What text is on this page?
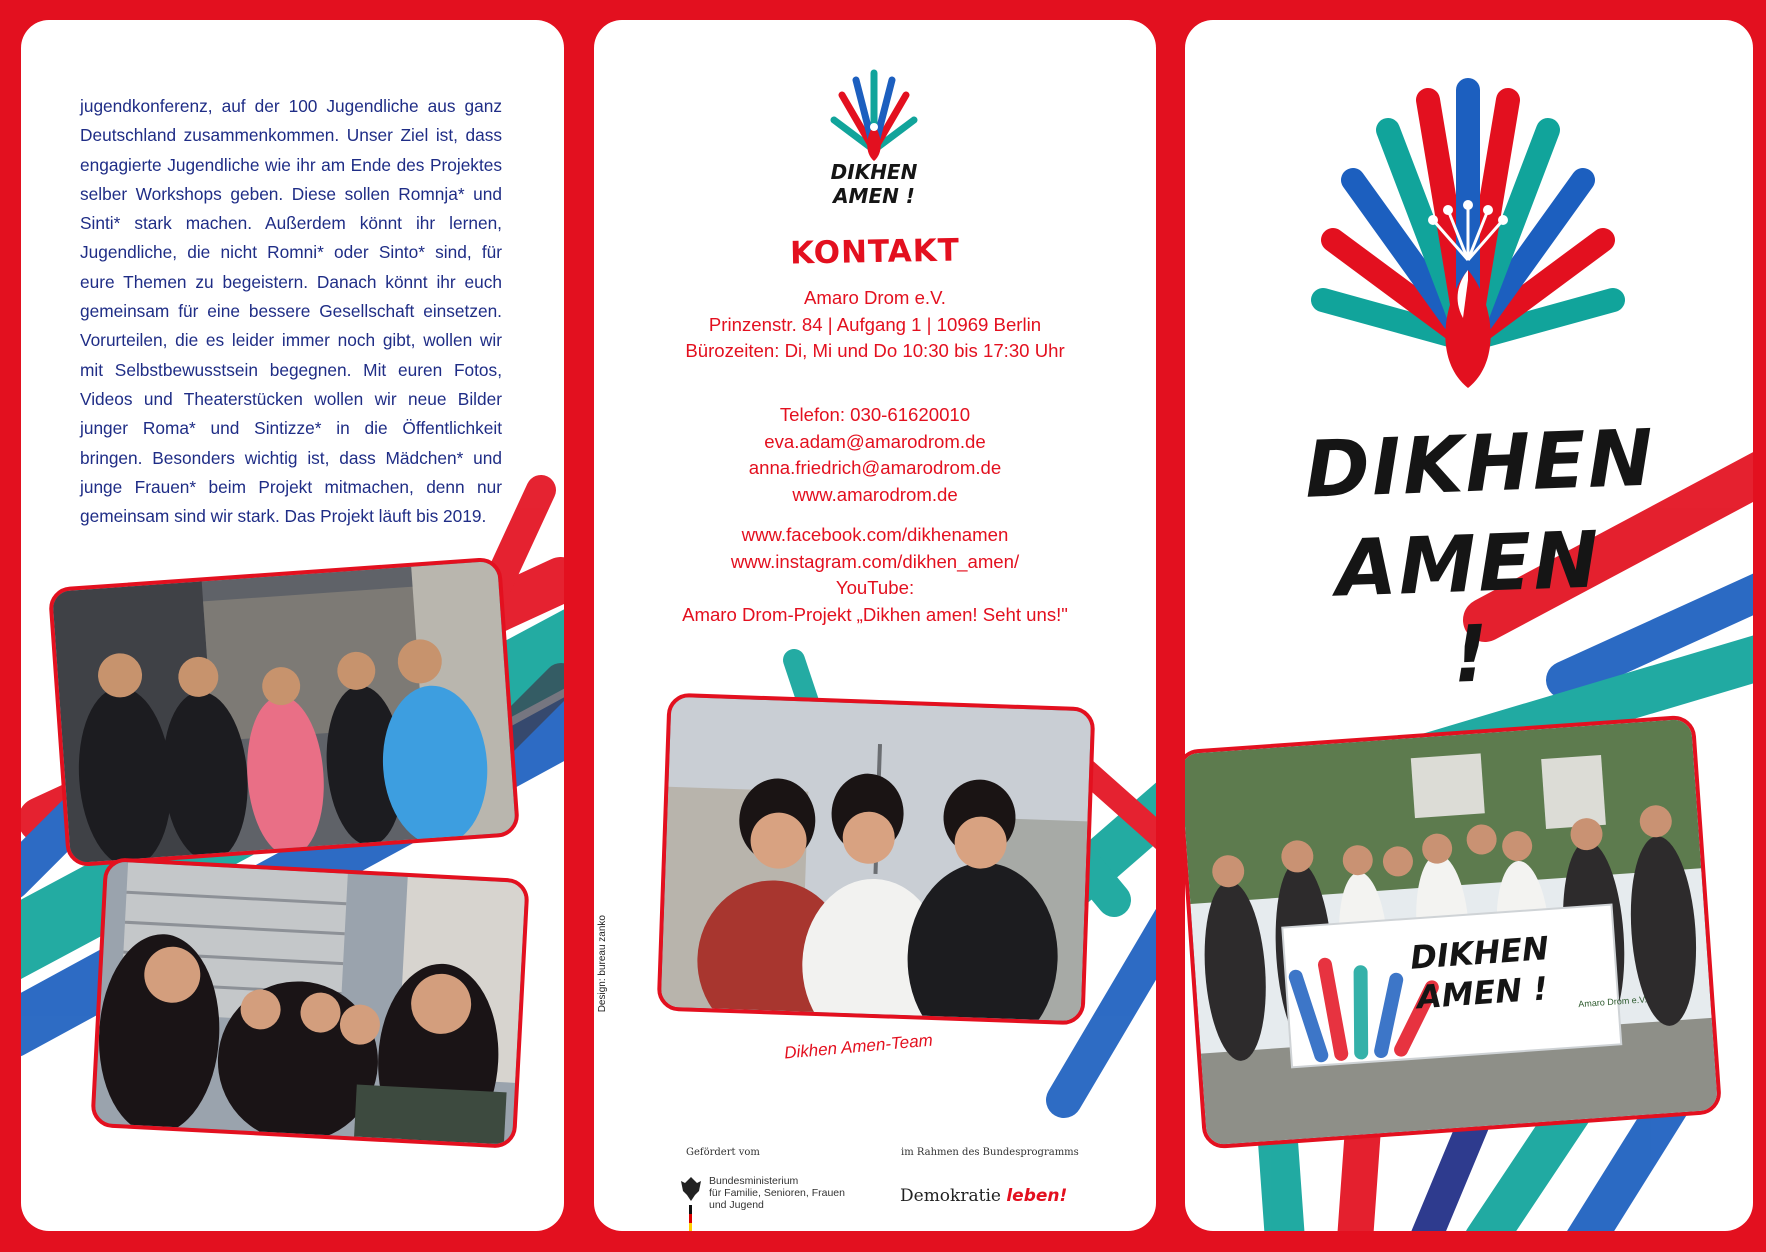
jugendkonferenz, auf der 100 Jugendliche aus ganz Deutschland zusammenkommen. Unser Ziel ist, dass engagierte Jugendliche wie ihr am Ende des Projektes selber Workshops geben. Diese sollen Romnja* und Sinti* stark machen. Außerdem könnt ihr lernen, Jugendliche, die nicht Romni* oder Sinto* sind, für eure Themen zu begeistern. Danach könnt ihr euch gemeinsam für eine bessere Gesellschaft einsetzen. Vorurteilen, die es leider immer noch gibt, wollen wir mit Selbstbewusstsein begegnen. Mit euren Fotos, Videos und Theaterstücken wollen wir neue Bilder junger Roma* und Sintizze* in die Öffentlichkeit bringen. Besonders wichtig ist, dass Mädchen* und junge Frauen* beim Projekt mitmachen, denn nur gemeinsam sind wir stark. Das Projekt läuft bis 2019.

DIKHEN
AMEN !
KONTAKT
Amaro Drom e.V.
Prinzenstr. 84 | Aufgang 1 | 10969 Berlin
Bürozeiten: Di, Mi und Do 10:30 bis 17:30 Uhr
Telefon: 030-61620010
eva.adam@amarodrom.de
anna.friedrich@amarodrom.de
www.amarodrom.de
www.facebook.com/dikhenamen
www.instagram.com/dikhen_amen/
YouTube:
Amaro Drom-Projekt „Dikhen amen! Seht uns!"
Dikhen Amen-Team
Design: bureau zanko
Gefördert vom	im Rahmen des Bundesprogramms
Bundesministerium
für Familie, Senioren, Frauen
und Jugend	Demokratie leben!
DIKHEN
AMEN !
DIKHEN
AMEN !	Amaro Drom e.V.
